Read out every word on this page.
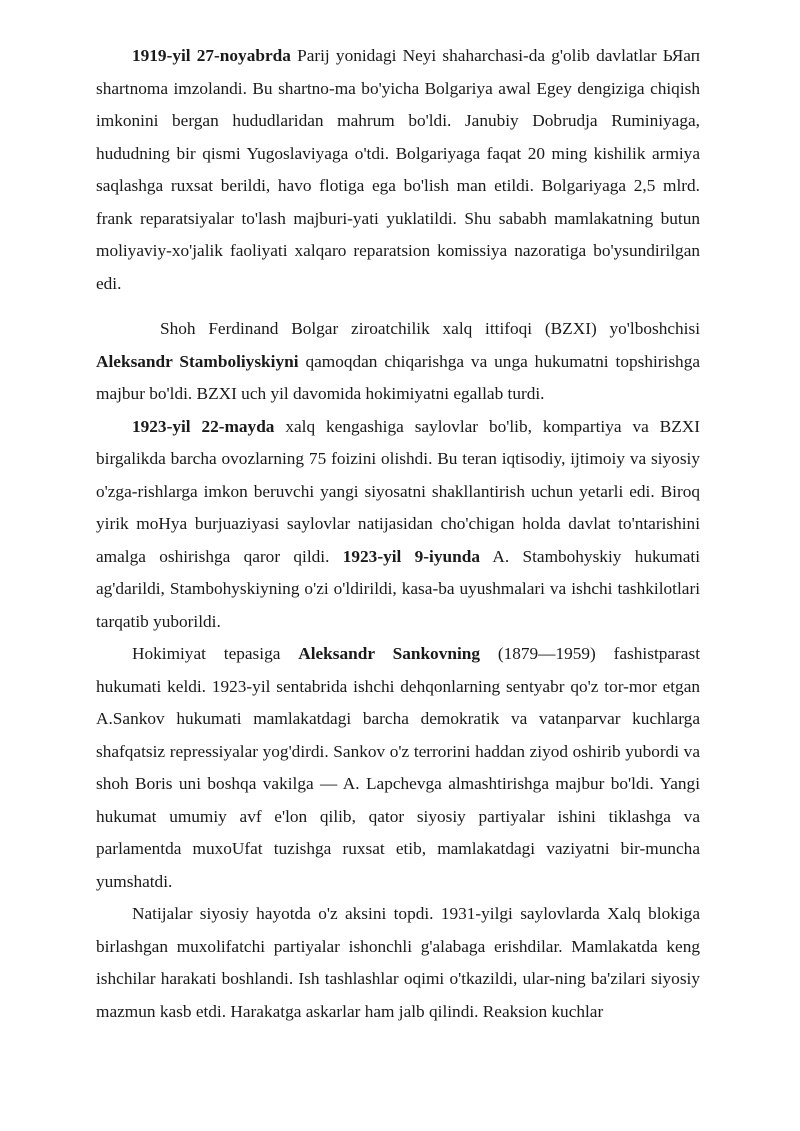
1919-yil 27-noyabrda Parij yonidagi Neyi shaharchasi-da g'olib davlatlar ЬЯап shartnoma imzolandi. Bu shartno-ma bo'yicha Bolgariya awal Egey dengiziga chiqish imkonini bergan hududlaridan mahrum bo'ldi. Janubiy Dobrudja Ruminiyaga, hududning bir qismi Yugoslaviyaga o'tdi. Bolgariyaga faqat 20 ming kishilik armiya saqlashga ruxsat berildi, havo flotiga ega bo'lish man etildi. Bolgariyaga 2,5 mlrd. frank reparatsiyalar to'lash majburi-yati yuklatildi. Shu sababh mamlakatning butun moliyaviy-xo'jalik faoliyati xalqaro reparatsion komissiya nazoratiga bo'ysundirilgan edi.

Shoh Ferdinand Bolgar ziroatchilik xalq ittifoqi (BZXI) yo'lboshchisi Aleksandr Stamboliyskiyni qamoqdan chiqarishga va unga hukumatni topshirishga majbur bo'ldi. BZXI uch yil davomida hokimiyatni egallab turdi.

1923-yil 22-mayda xalq kengashiga saylovlar bo'lib, kompartiya va BZXI birgalikda barcha ovozlarning 75 foizini olishdi. Bu teran iqtisodiy, ijtimoiy va siyosiy o'zga-rishlarga imkon beruvchi yangi siyosatni shakllantirish uchun yetarli edi. Biroq yirik moHya burjuaziyasi saylovlar natijasidan cho'chigan holda davlat to'ntarishini amalga oshirishga qaror qildi. 1923-yil 9-iyunda A. Stambohyskiy hukumati ag'darildi, Stambohyskiyning o'zi o'ldirildi, kasa-ba uyushmalari va ishchi tashkilotlari tarqatib yuborildi.

Hokimiyat tepasiga Aleksandr Sankovning (1879—1959) fashistparast hukumati keldi. 1923-yil sentabrida ishchi dehqonlarning sentyabr qo'z tor-mor etgan A.Sankov hukumati mamlakatdagi barcha demokratik va vatanparvar kuchlarga shafqatsiz repressiyalar yog'dirdi. Sankov o'z terrorini haddan ziyod oshirib yubordi va shoh Boris uni boshqa vakilga — A. Lapchevga almashtirishga majbur bo'ldi. Yangi hukumat umumiy avf e'lon qilib, qator siyosiy partiyalar ishini tiklashga va parlamentda muxoUfat tuzishga ruxsat etib, mamlakatdagi vaziyatni bir-muncha yumshatdi.

Natijalar siyosiy hayotda o'z aksini topdi. 1931-yilgi saylovlarda Xalq blokiga birlashgan muxolifatchi partiyalar ishonchli g'alabaga erishdilar. Mamlakatda keng ishchilar harakati boshlandi. Ish tashlashlar oqimi o'tkazildi, ular-ning ba'zilari siyosiy mazmun kasb etdi. Harakatga askarlar ham jalb qilindi. Reaksion kuchlar
